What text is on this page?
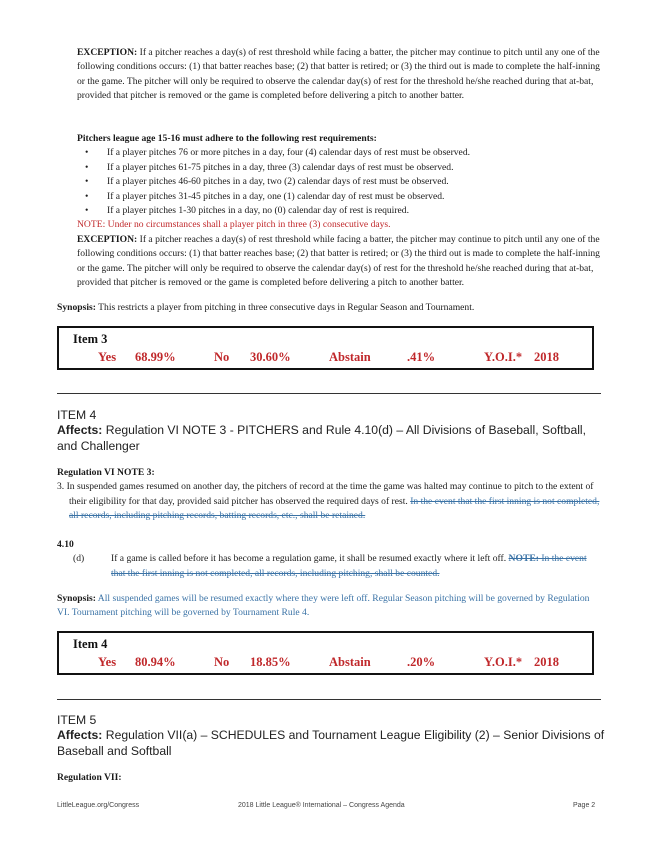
EXCEPTION: If a pitcher reaches a day(s) of rest threshold while facing a batter, the pitcher may continue to pitch until any one of the following conditions occurs: (1) that batter reaches base; (2) that batter is retired; or (3) the third out is made to complete the half-inning or the game. The pitcher will only be required to observe the calendar day(s) of rest for the threshold he/she reached during that at-bat, provided that pitcher is removed or the game is completed before delivering a pitch to another batter.
Pitchers league age 15-16 must adhere to the following rest requirements:
• If a player pitches 76 or more pitches in a day, four (4) calendar days of rest must be observed.
• If a player pitches 61-75 pitches in a day, three (3) calendar days of rest must be observed.
• If a player pitches 46-60 pitches in a day, two (2) calendar days of rest must be observed.
• If a player pitches 31-45 pitches in a day, one (1) calendar day of rest must be observed.
• If a player pitches 1-30 pitches in a day, no (0) calendar day of rest is required.
NOTE: Under no circumstances shall a player pitch in three (3) consecutive days.
EXCEPTION: If a pitcher reaches a day(s) of rest threshold while facing a batter, the pitcher may continue to pitch until any one of the following conditions occurs: (1) that batter reaches base; (2) that batter is retired; or (3) the third out is made to complete the half-inning or the game. The pitcher will only be required to observe the calendar day(s) of rest for the threshold he/she reached during that at-bat, provided that pitcher is removed or the game is completed before delivering a pitch to another batter.
Synopsis: This restricts a player from pitching in three consecutive days in Regular Season and Tournament.
Item 3
Yes 68.99%	No 30.60%	Abstain	.41%	Y.O.I.* 2018
ITEM 4
Affects: Regulation VI NOTE 3 - PITCHERS and Rule 4.10(d) – All Divisions of Baseball, Softball, and Challenger
Regulation VI NOTE 3:
3. In suspended games resumed on another day, the pitchers of record at the time the game was halted may continue to pitch to the extent of their eligibility for that day, provided said pitcher has observed the required days of rest. In the event that the first inning is not completed, all records, including pitching records, batting records, etc., shall be retained.
4.10
(d)	If a game is called before it has become a regulation game, it shall be resumed exactly where it left off. NOTE: In the event that the first inning is not completed, all records, including pitching, shall be counted.
Synopsis: All suspended games will be resumed exactly where they were left off. Regular Season pitching will be governed by Regulation VI. Tournament pitching will be governed by Tournament Rule 4.
Item 4
Yes 80.94%	No 18.85%	Abstain	.20%	Y.O.I.* 2018
ITEM 5
Affects: Regulation VII(a) – SCHEDULES and Tournament League Eligibility (2) – Senior Divisions of Baseball and Softball
Regulation VII:
LittleLeague.org/Congress	2018 Little League® International – Congress Agenda	Page 2
